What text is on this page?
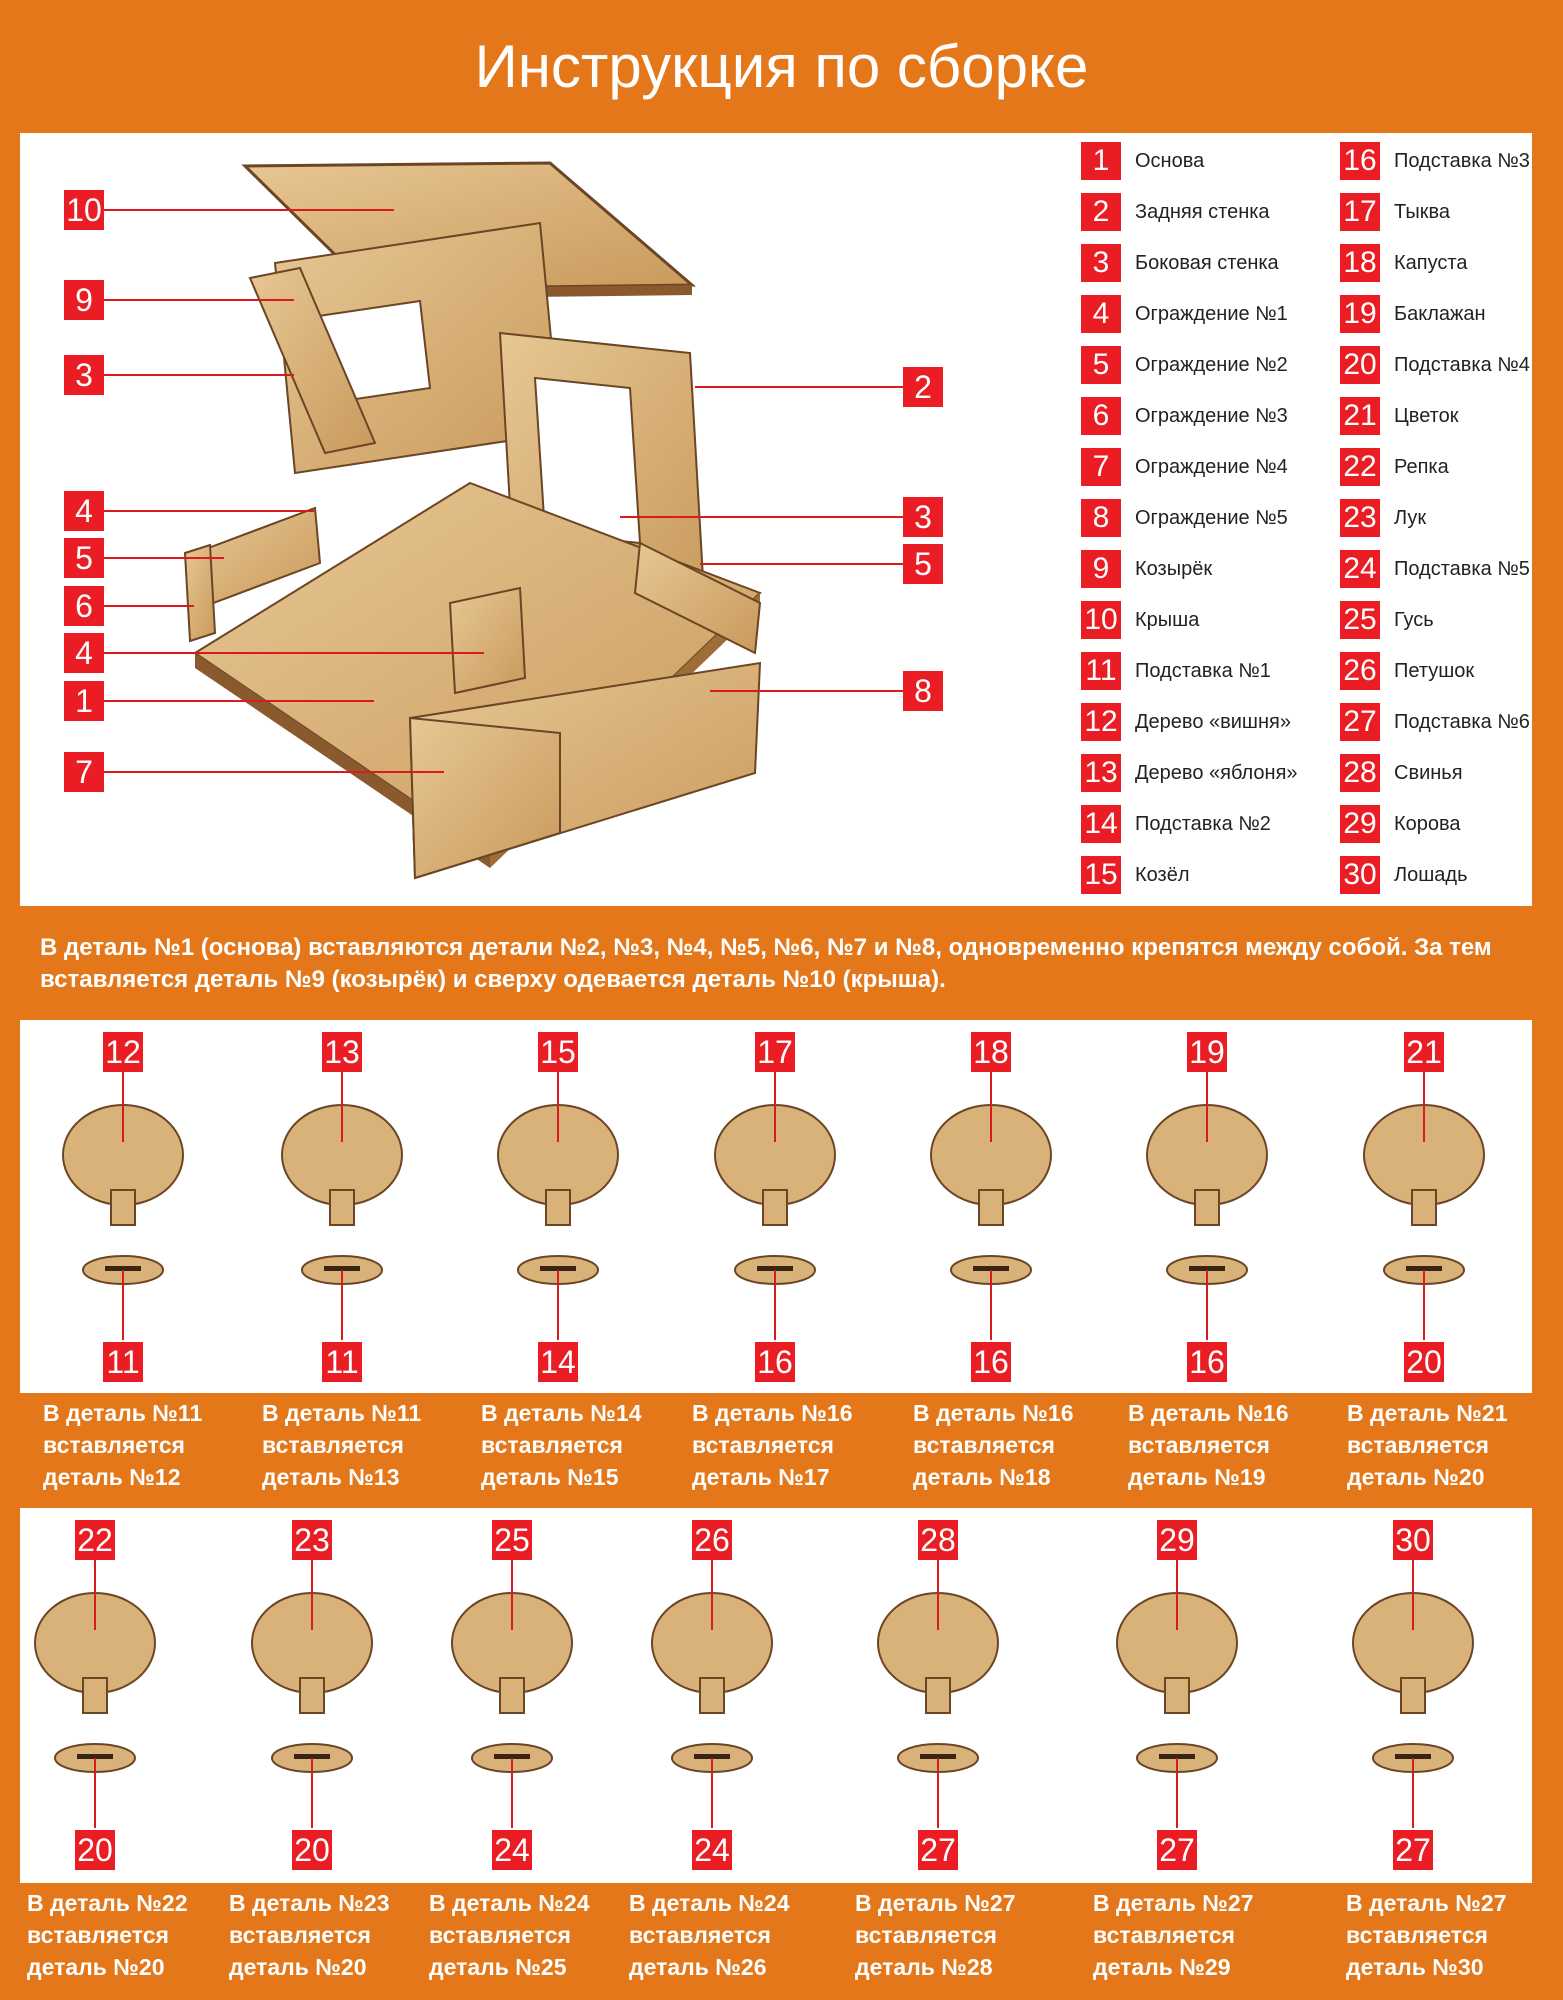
Инструкция по сборке
10
9
3
4
5
6
4
1
7
2
3
5
8
1	Основа
2	Задняя стенка
3	Боковая стенка
4	Ограждение №1
5	Ограждение №2
6	Ограждение №3
7	Ограждение №4
8	Ограждение №5
9	Козырёк
10 Крыша
11 Подставка №1
12 Дерево «вишня»
13 Дерево «яблоня»
14 Подставка №2
15 Козёл
16 Подставка №3
17 Тыква
18 Капуста
19 Баклажан
20 Подставка №4
21 Цветок
22 Репка
23 Лук
24 Подставка №5
25 Гусь
26 Петушок
27 Подставка №6
28 Свинья
29 Корова
30 Лошадь
В деталь №1 (основа) вставляются детали №2, №3, №4, №5, №6, №7 и №8, одновременно крепятся между собой. За тем вставляется деталь №9 (козырёк) и сверху одевается деталь №10 (крыша).
12
11
В деталь №11
вставляется
деталь №12
13
11
В деталь №11
вставляется
деталь №13
15
14
В деталь №14
вставляется
деталь №15
17
16
В деталь №16
вставляется
деталь №17
18
16
В деталь №16
вставляется
деталь №18
19
16
В деталь №16
вставляется
деталь №19
21
20
В деталь №21
вставляется
деталь №20
22
20
В деталь №22
вставляется
деталь №20
23
20
В деталь №23
вставляется
деталь №20
25
24
В деталь №24
вставляется
деталь №25
26
24
В деталь №24
вставляется
деталь №26
28
27
В деталь №27
вставляется
деталь №28
29
27
В деталь №27
вставляется
деталь №29
30
27
В деталь №27
вставляется
деталь №30
